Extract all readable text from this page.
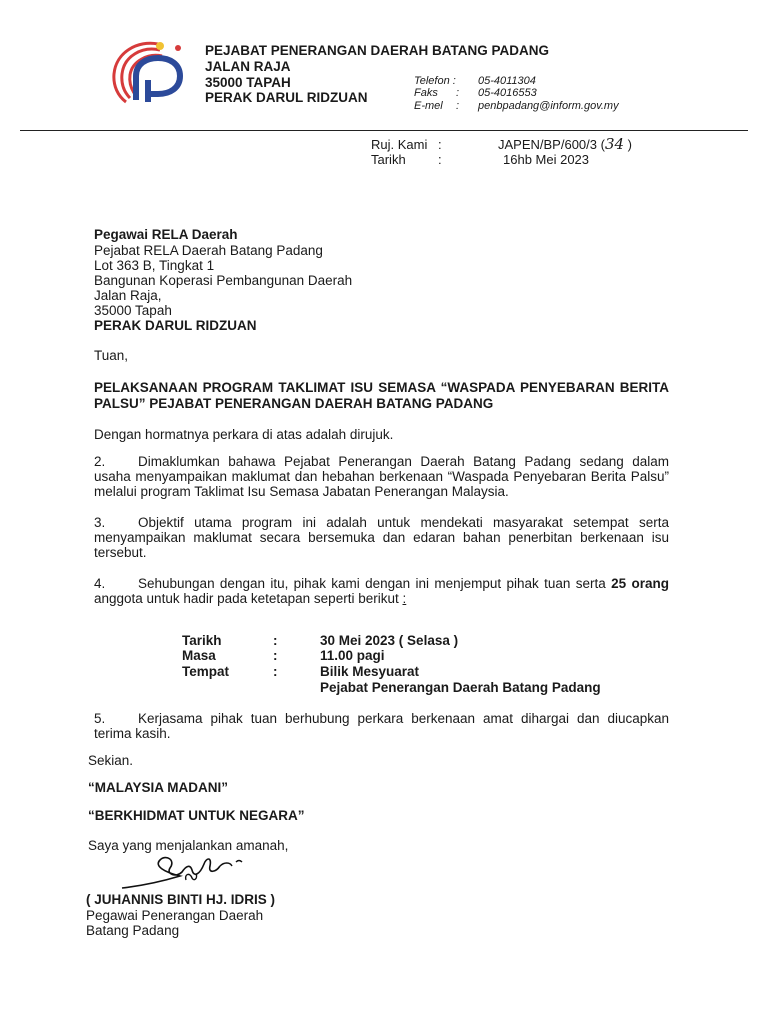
PEJABAT PENERANGAN DAERAH BATANG PADANG
JALAN RAJA
35000 TAPAH
PERAK DARUL RIDZUAN
Telefon : 05-4011304
Faks : 05-4016553
E-mel : penbpadang@inform.gov.my
Ruj. Kami :	JAPEN/BP/600/3 (34 )
Tarikh :	16hb Mei 2023
Pegawai RELA Daerah
Pejabat RELA Daerah Batang Padang
Lot 363 B, Tingkat 1
Bangunan Koperasi Pembangunan Daerah
Jalan Raja,
35000 Tapah
PERAK DARUL RIDZUAN
Tuan,
PELAKSANAAN PROGRAM TAKLIMAT ISU SEMASA “WASPADA PENYEBARAN BERITA PALSU” PEJABAT PENERANGAN DAERAH BATANG PADANG
Dengan hormatnya perkara di atas adalah dirujuk.
2. Dimaklumkan bahawa Pejabat Penerangan Daerah Batang Padang sedang dalam usaha menyampaikan maklumat dan hebahan berkenaan “Waspada Penyebaran Berita Palsu” melalui program Taklimat Isu Semasa Jabatan Penerangan Malaysia.
3. Objektif utama program ini adalah untuk mendekati masyarakat setempat serta menyampaikan maklumat secara bersemuka dan edaran bahan penerbitan berkenaan isu tersebut.
4. Sehubungan dengan itu, pihak kami dengan ini menjemput pihak tuan serta 25 orang anggota untuk hadir pada ketetapan seperti berikut :
Tarikh	:	30 Mei 2023 ( Selasa )
Masa	:	11.00 pagi
Tempat	:	Bilik Mesyuarat
Pejabat Penerangan Daerah Batang Padang
5. Kerjasama pihak tuan berhubung perkara berkenaan amat dihargai dan diucapkan terima kasih.
Sekian.
“MALAYSIA MADANI”
“BERKHIDMAT UNTUK NEGARA”
Saya yang menjalankan amanah,
( JUHANNIS BINTI HJ. IDRIS )
Pegawai Penerangan Daerah
Batang Padang
